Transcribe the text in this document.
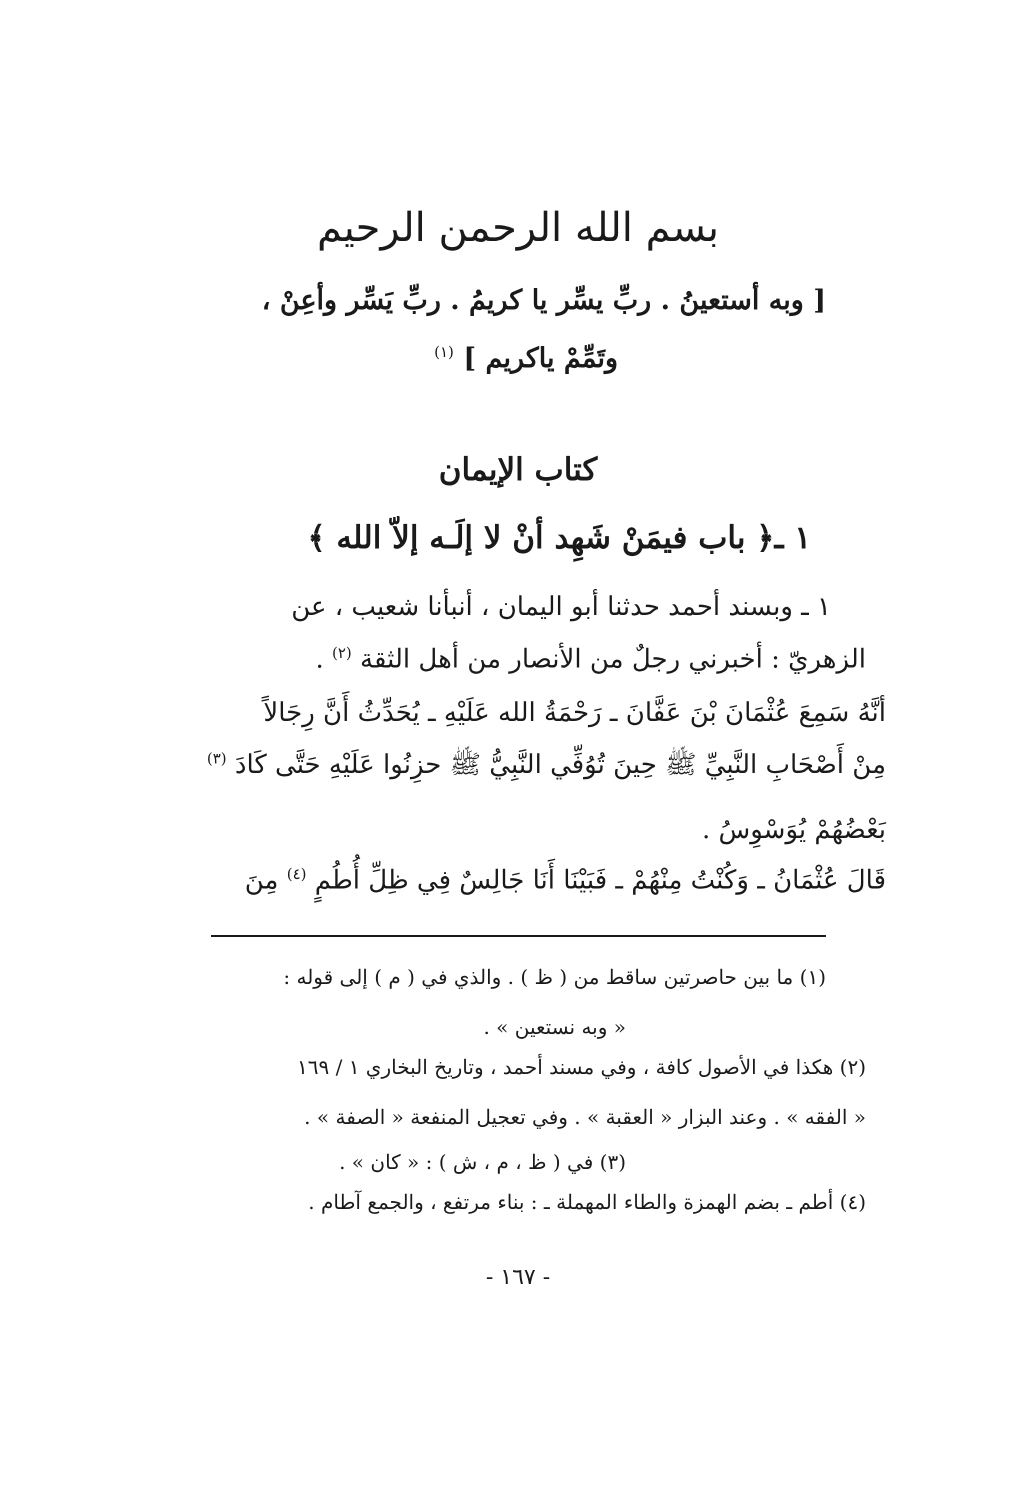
بسم الله الرحمن الرحيم
[ وبه أستعينُ . ربِّ يسِّر يا كريمُ . ربِّ يَسِّر وأعِنْ ،
وتَمِّمْ ياكريم ] $^{(١)}$
كتاب الإيمان
١ ـ﴿ باب فيمَنْ شَهِد أنْ لا إلَـه إلاّ الله ﴾
١ ـ وبسند أحمد حدثنا أبو اليمان ، أنبأنا شعيب ، عن
الزهريّ : أخبرني رجلٌ من الأنصار من أهل الثقة $^{(٢)}$ .
أنَّهُ سَمِعَ عُثْمَانَ بْنَ عَفَّانَ ـ رَحْمَةُ الله عَلَيْهِ ـ يُحَدِّثُ أَنَّ رِجَالاً
مِنْ أَصْحَابِ النَّبِيِّ ﷺ حِينَ تُوُفِّي النَّبِيُّ ﷺ حزِنُوا عَلَيْهِ حَتَّى كَادَ $^{(٣)}$
بَعْضُهُمْ يُوَسْوِسُ .
قَالَ عُثْمَانُ ـ وَكُنْتُ مِنْهُمْ ـ فَبَيْنَا أَنَا جَالِسٌ فِي ظِلِّ أُطُمٍ $^{(٤)}$ مِنَ
(١) ما بين حاصرتين ساقط من ( ظ ) . والذي في ( م ) إلى قوله :
« وبه نستعين » .
(٢) هكذا في الأصول كافة ، وفي مسند أحمد ، وتاريخ البخاري ١ / ١٦٩
« الفقه » . وعند البزار « العقبة » . وفي تعجيل المنفعة « الصفة » .
(٣) في ( ظ ، م ، ش ) : « كان » .
(٤) أطم ـ بضم الهمزة والطاء المهملة ـ : بناء مرتفع ، والجمع آطام .
- ١٦٧ -
